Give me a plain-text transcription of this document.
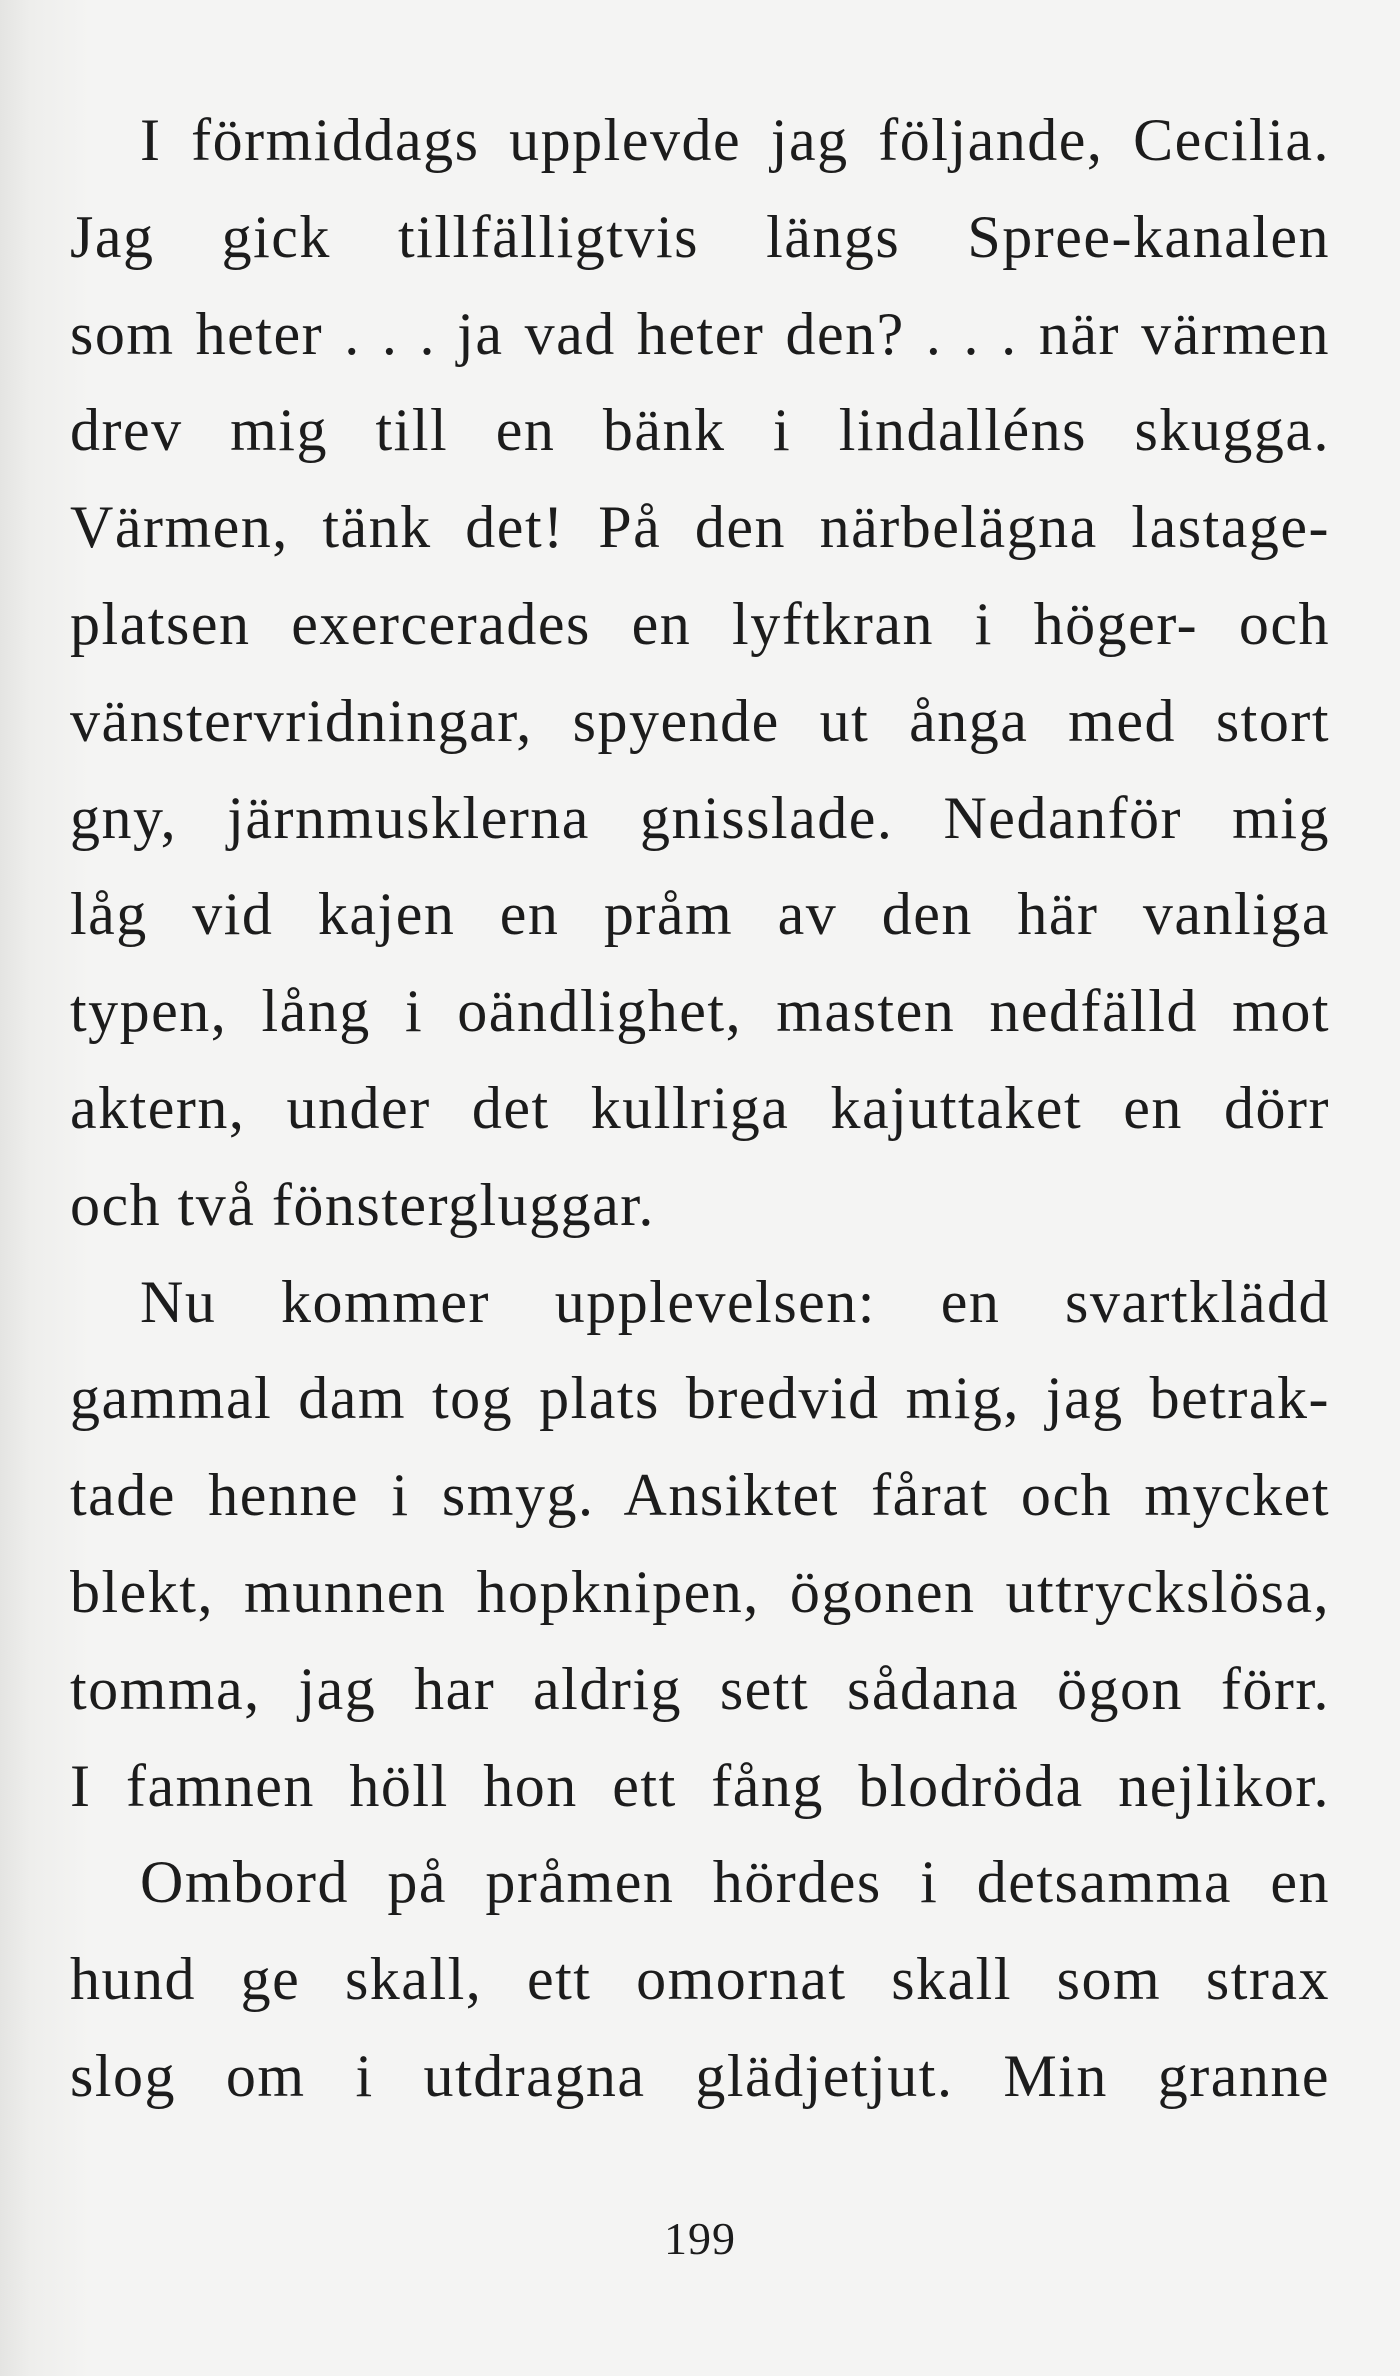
I förmiddags upplevde jag följande, Cecilia.
Jag gick tillfälligtvis längs Spree-kanalen
som heter . . . ja vad heter den? . . . när värmen
drev mig till en bänk i lindalléns skugga.
Värmen, tänk det! På den närbelägna lastage-
platsen exercerades en lyftkran i höger- och
vänstervridningar, spyende ut ånga med stort
gny, järnmusklerna gnisslade. Nedanför mig
låg vid kajen en pråm av den här vanliga
typen, lång i oändlighet, masten nedfälld mot
aktern, under det kullriga kajuttaket en dörr
och två fönstergluggar.
Nu kommer upplevelsen: en svartklädd
gammal dam tog plats bredvid mig, jag betrak-
tade henne i smyg. Ansiktet fårat och mycket
blekt, munnen hopknipen, ögonen uttryckslösa,
tomma, jag har aldrig sett sådana ögon förr.
I famnen höll hon ett fång blodröda nejlikor.
Ombord på pråmen hördes i detsamma en
hund ge skall, ett omornat skall som strax
slog om i utdragna glädjetjut. Min granne
199
